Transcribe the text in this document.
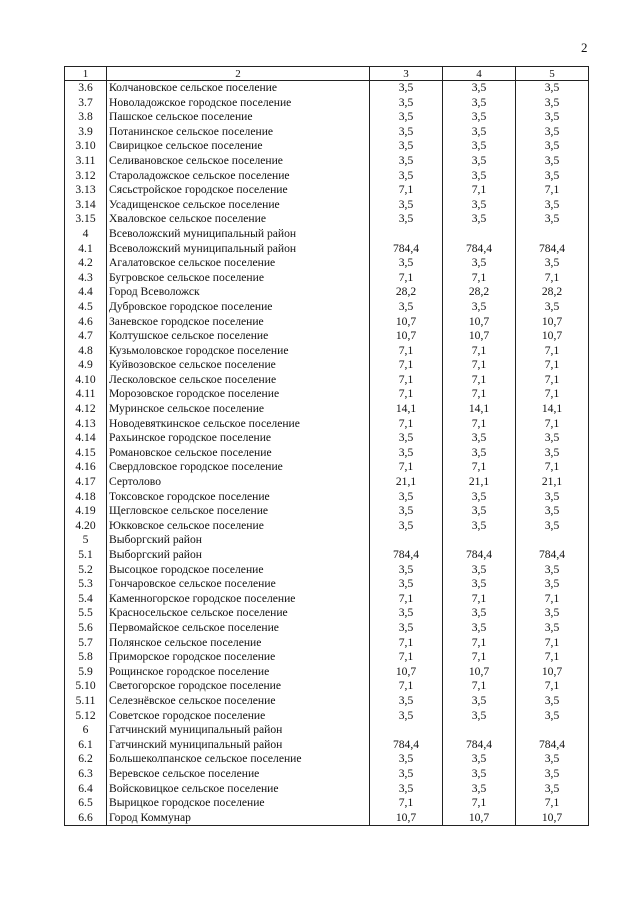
2
1	2	3	4	5
3.6	Колчановское сельское поселение	3,5	3,5	3,5
3.7	Новоладожское городское поселение	3,5	3,5	3,5
3.8	Пашское сельское поселение	3,5	3,5	3,5
3.9	Потанинское сельское поселение	3,5	3,5	3,5
3.10	Свирицкое сельское поселение	3,5	3,5	3,5
3.11	Селивановское сельское поселение	3,5	3,5	3,5
3.12	Староладожское сельское поселение	3,5	3,5	3,5
3.13	Сясьстройское городское поселение	7,1	7,1	7,1
3.14	Усадищенское сельское поселение	3,5	3,5	3,5
3.15	Хваловское сельское поселение	3,5	3,5	3,5
4	Всеволожский муниципальный район			
4.1	Всеволожский муниципальный район	784,4	784,4	784,4
4.2	Агалатовское сельское поселение	3,5	3,5	3,5
4.3	Бугровское сельское поселение	7,1	7,1	7,1
4.4	Город Всеволожск	28,2	28,2	28,2
4.5	Дубровское городское поселение	3,5	3,5	3,5
4.6	Заневское городское поселение	10,7	10,7	10,7
4.7	Колтушское сельское поселение	10,7	10,7	10,7
4.8	Кузьмоловское городское поселение	7,1	7,1	7,1
4.9	Куйвозовское сельское поселение	7,1	7,1	7,1
4.10	Лесколовское сельское поселение	7,1	7,1	7,1
4.11	Морозовское городское поселение	7,1	7,1	7,1
4.12	Муринское сельское поселение	14,1	14,1	14,1
4.13	Новодевяткинское сельское поселение	7,1	7,1	7,1
4.14	Рахьинское городское поселение	3,5	3,5	3,5
4.15	Романовское сельское поселение	3,5	3,5	3,5
4.16	Свердловское городское поселение	7,1	7,1	7,1
4.17	Сертолово	21,1	21,1	21,1
4.18	Токсовское городское поселение	3,5	3,5	3,5
4.19	Щегловское сельское поселение	3,5	3,5	3,5
4.20	Юкковское сельское поселение	3,5	3,5	3,5
5	Выборгский район			
5.1	Выборгский район	784,4	784,4	784,4
5.2	Высоцкое городское поселение	3,5	3,5	3,5
5.3	Гончаровское сельское поселение	3,5	3,5	3,5
5.4	Каменногорское городское поселение	7,1	7,1	7,1
5.5	Красносельское сельское поселение	3,5	3,5	3,5
5.6	Первомайское сельское поселение	3,5	3,5	3,5
5.7	Полянское сельское поселение	7,1	7,1	7,1
5.8	Приморское городское поселение	7,1	7,1	7,1
5.9	Рощинское городское поселение	10,7	10,7	10,7
5.10	Светогорское городское поселение	7,1	7,1	7,1
5.11	Селезнёвское сельское поселение	3,5	3,5	3,5
5.12	Советское городское поселение	3,5	3,5	3,5
6	Гатчинский муниципальный район			
6.1	Гатчинский муниципальный район	784,4	784,4	784,4
6.2	Большеколпанское сельское поселение	3,5	3,5	3,5
6.3	Веревское сельское поселение	3,5	3,5	3,5
6.4	Войсковицкое сельское поселение	3,5	3,5	3,5
6.5	Вырицкое городское поселение	7,1	7,1	7,1
6.6	Город Коммунар	10,7	10,7	10,7
